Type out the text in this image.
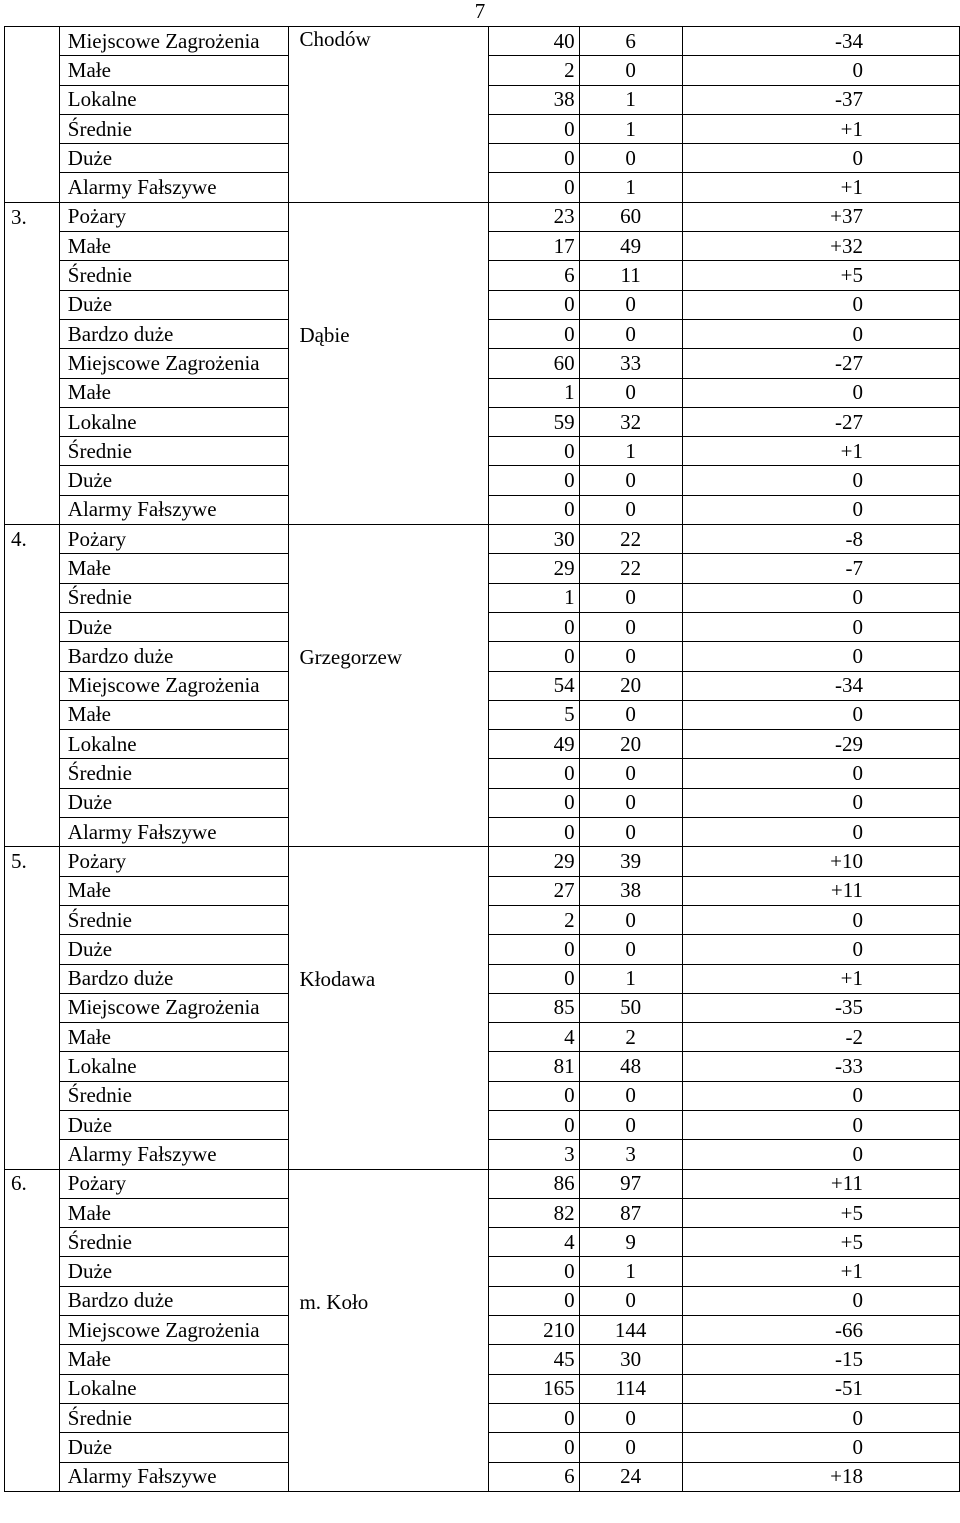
7
	Miejscowe Zagrożenia	Chodów	40	6	-34
	Małe		2	0	0
	Lokalne		38	1	-37
	Średnie		0	1	+1
	Duże		0	0	0
	Alarmy Fałszywe		0	1	+1
3.	Pożary	Dąbie	23	60	+37
	Małe		17	49	+32
	Średnie		6	11	+5
	Duże		0	0	0
	Bardzo duże		0	0	0
	Miejscowe Zagrożenia		60	33	-27
	Małe		1	0	0
	Lokalne		59	32	-27
	Średnie		0	1	+1
	Duże		0	0	0
	Alarmy Fałszywe		0	0	0
4.	Pożary	Grzegorzew	30	22	-8
	Małe		29	22	-7
	Średnie		1	0	0
	Duże		0	0	0
	Bardzo duże		0	0	0
	Miejscowe Zagrożenia		54	20	-34
	Małe		5	0	0
	Lokalne		49	20	-29
	Średnie		0	0	0
	Duże		0	0	0
	Alarmy Fałszywe		0	0	0
5.	Pożary	Kłodawa	29	39	+10
	Małe		27	38	+11
	Średnie		2	0	0
	Duże		0	0	0
	Bardzo duże		0	1	+1
	Miejscowe Zagrożenia		85	50	-35
	Małe		4	2	-2
	Lokalne		81	48	-33
	Średnie		0	0	0
	Duże		0	0	0
	Alarmy Fałszywe		3	3	0
6.	Pożary	m. Koło	86	97	+11
	Małe		82	87	+5
	Średnie		4	9	+5
	Duże		0	1	+1
	Bardzo duże		0	0	0
	Miejscowe Zagrożenia		210	144	-66
	Małe		45	30	-15
	Lokalne		165	114	-51
	Średnie		0	0	0
	Duże		0	0	0
	Alarmy Fałszywe		6	24	+18
